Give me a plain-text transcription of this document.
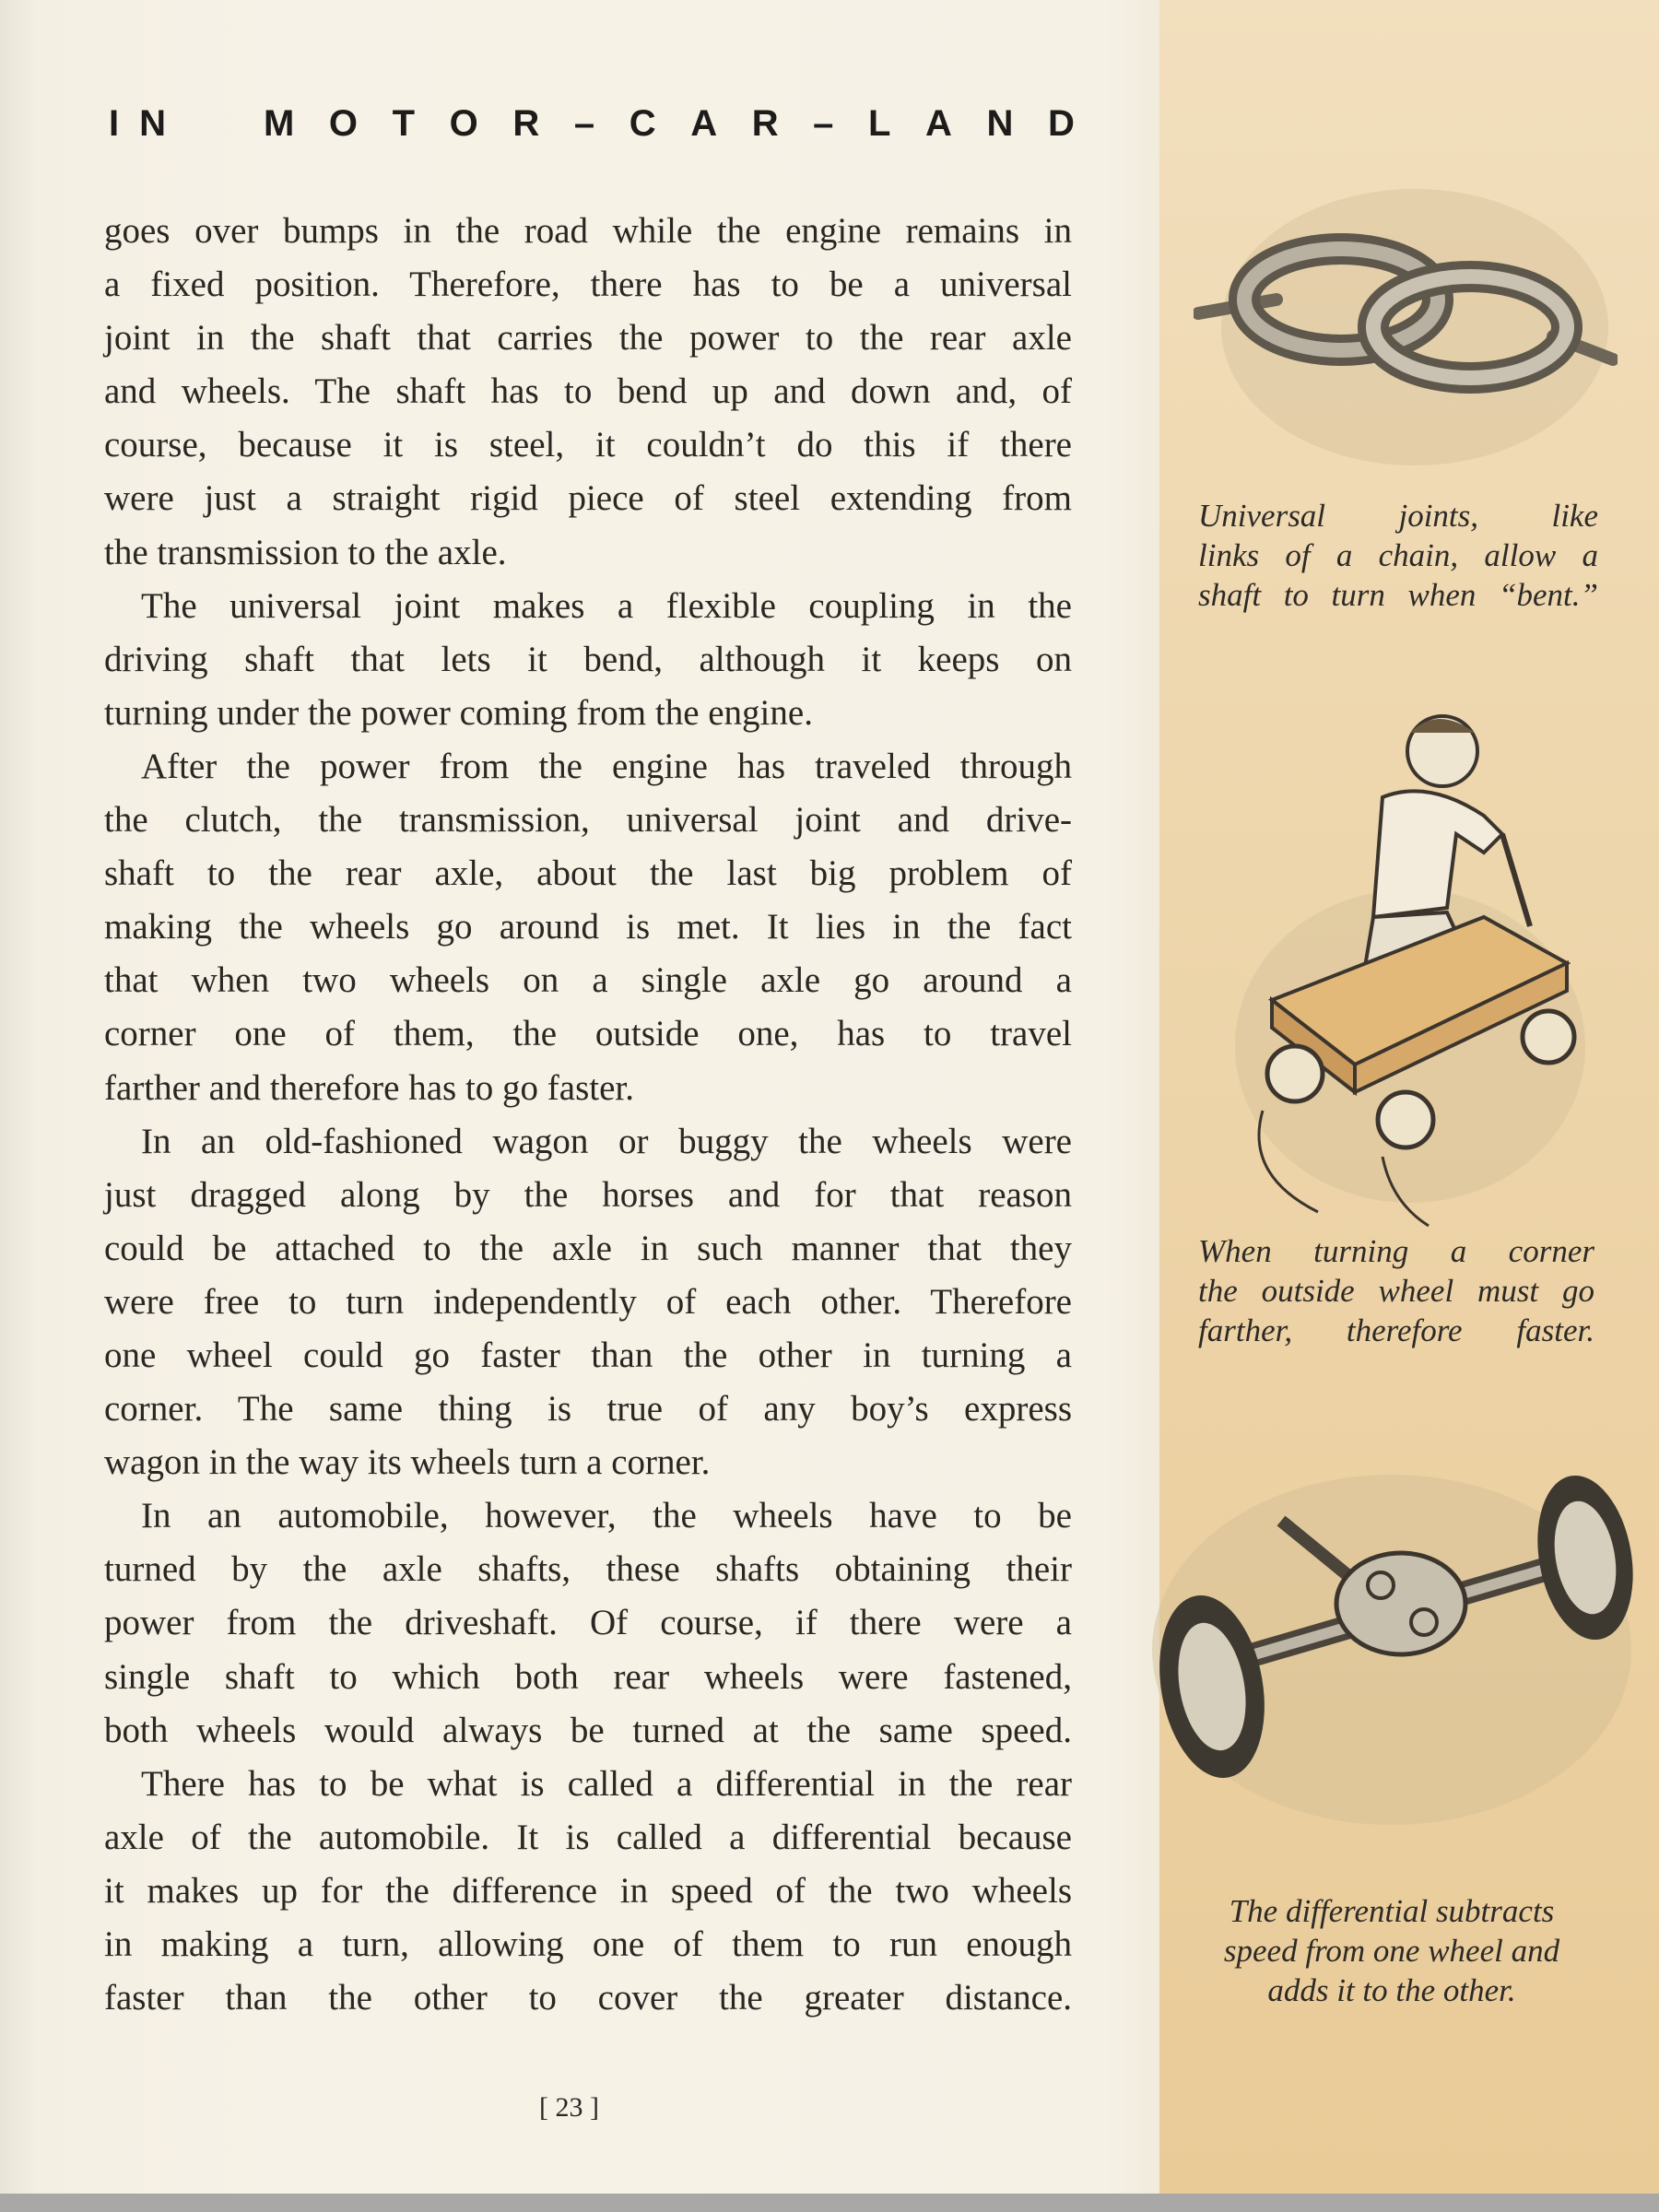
I N	M O T O R – C A R – L A N D
goes over bumps in the road while the engine remains in
a fixed position. Therefore, there has to be a universal
joint in the shaft that carries the power to the rear axle
and wheels. The shaft has to bend up and down and, of
course, because it is steel, it couldn’t do this if there
were just a straight rigid piece of steel extending from
the transmission to the axle.
The universal joint makes a flexible coupling in the
driving shaft that lets it bend, although it keeps on
turning under the power coming from the engine.
After the power from the engine has traveled through
the clutch, the transmission, universal joint and drive-
shaft to the rear axle, about the last big problem of
making the wheels go around is met. It lies in the fact
that when two wheels on a single axle go around a
corner one of them, the outside one, has to travel
farther and therefore has to go faster.
In an old-fashioned wagon or buggy the wheels were
just dragged along by the horses and for that reason
could be attached to the axle in such manner that they
were free to turn independently of each other. Therefore
one wheel could go faster than the other in turning a
corner. The same thing is true of any boy’s express
wagon in the way its wheels turn a corner.
In an automobile, however, the wheels have to be
turned by the axle shafts, these shafts obtaining their
power from the driveshaft. Of course, if there were a
single shaft to which both rear wheels were fastened,
both wheels would always be turned at the same speed.
There has to be what is called a differential in the rear
axle of the automobile. It is called a differential because
it makes up for the difference in speed of the two wheels
in making a turn, allowing one of them to run enough
faster than the other to cover the greater distance.
[ 23 ]
Universal joints, like
links of a chain, allow a
shaft to turn when “bent.”
When turning a corner
the outside wheel must go
farther, therefore faster.
The differential subtracts
speed from one wheel and
adds it to the other.
